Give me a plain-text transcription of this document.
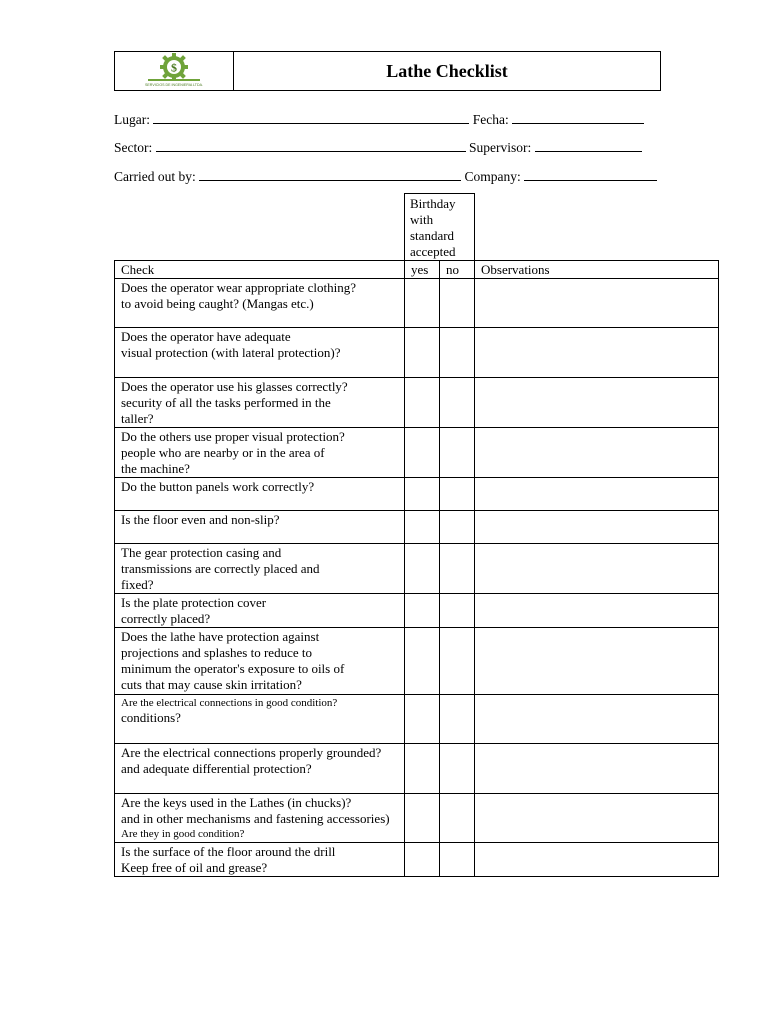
$
SERVICIOS DE INGENIERIA LTDA.
Lathe Checklist
Lugar:	Fecha:
Sector:	Supervisor:
Carried out by:	Company:
Birthday
with
standard
accepted
Check	yes	no	Observations

Does the operator wear appropriate clothing?
to avoid being caught? (Mangas etc.)			

Does the operator have adequate
visual protection (with lateral protection)?			

Does the operator use his glasses correctly?
security of all the tasks performed in the
taller?			

Do the others use proper visual protection?
people who are nearby or in the area of
the machine?			

Do the button panels work correctly?			

Is the floor even and non-slip?			

The gear protection casing and
transmissions are correctly placed and
fixed?			

Is the plate protection cover
correctly placed?			

Does the lathe have protection against
projections and splashes to reduce to
minimum the operator's exposure to oils of
cuts that may cause skin irritation?			

Are the electrical connections in good condition?
conditions?			

Are the electrical connections properly grounded?
and adequate differential protection?			

Are the keys used in the Lathes (in chucks)?
and in other mechanisms and fastening accessories)
Are they in good condition?			

Is the surface of the floor around the drill
Keep free of oil and grease?			
